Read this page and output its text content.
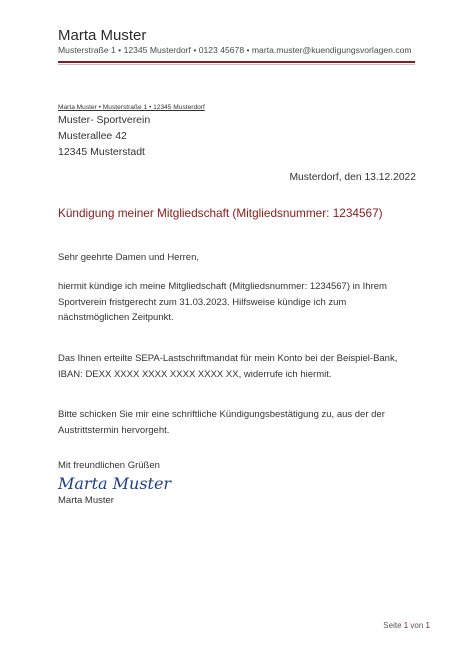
Marta Muster
Musterstraße 1 • 12345 Musterdorf • 0123 45678 • marta.muster@kuendigungsvorlagen.com
Marta Muster • Musterstraße 1 • 12345 Musterdorf
Muster- Sportverein
Musterallee 42
12345 Musterstadt
Musterdorf, den 13.12.2022
Kündigung meiner Mitgliedschaft (Mitgliedsnummer: 1234567)
Sehr geehrte Damen und Herren,
hiermit kündige ich meine Mitgliedschaft (Mitgliedsnummer: 1234567) in Ihrem Sportverein fristgerecht zum 31.03.2023. Hilfsweise kündige ich zum nächstmöglichen Zeitpunkt.
Das Ihnen erteilte SEPA-Lastschriftmandat für mein Konto bei der Beispiel-Bank, IBAN: DEXX XXXX XXXX XXXX XXXX XX, widerrufe ich hiermit.
Bitte schicken Sie mir eine schriftliche Kündigungsbestätigung zu, aus der der Austrittstermin hervorgeht.
Mit freundlichen Grüßen
Marta Muster
Marta Muster
Seite 1 von 1
